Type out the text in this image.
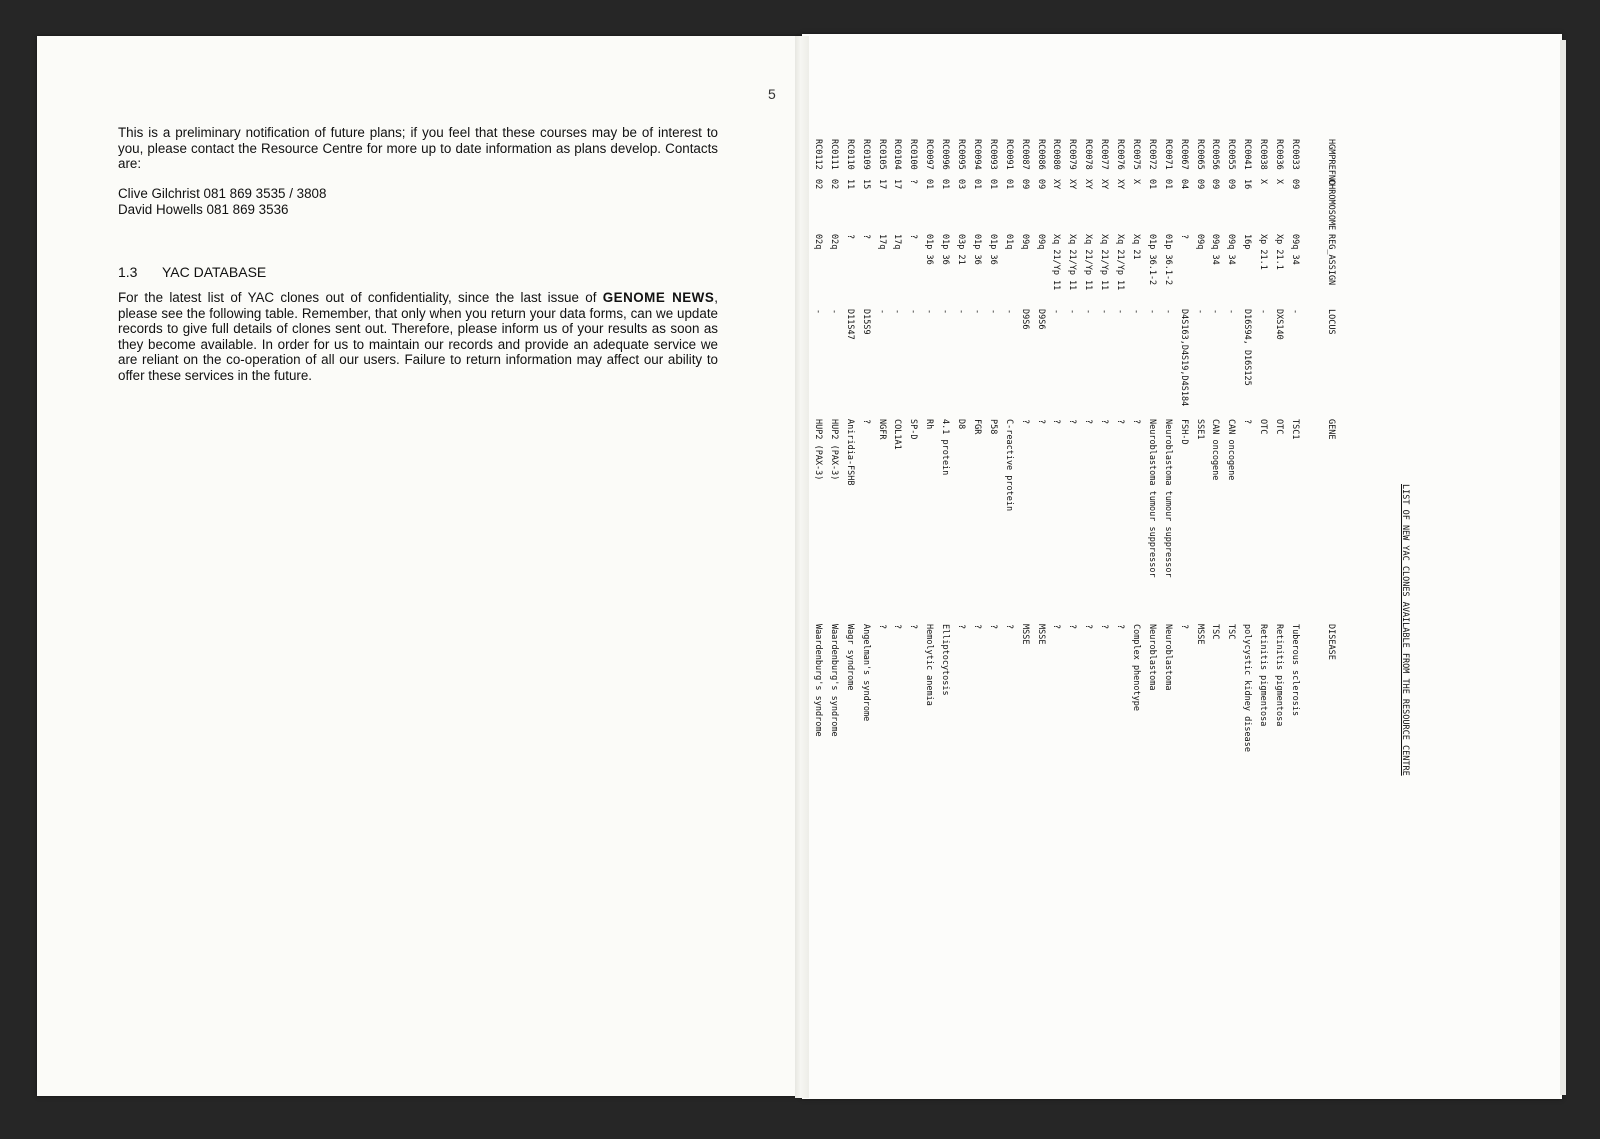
5
This is a preliminary notification of future plans; if you feel that these courses may be of interest to you, please contact the Resource Centre for more up to date information as plans develop. Contacts are:
Clive Gilchrist 081 869 3535 / 3808
David Howells 081 869 3536
1.3 YAC DATABASE
For the latest list of YAC clones out of confidentiality, since the last issue of GENOME NEWS, please see the following table. Remember, that only when you return your data forms, can we update records to give full details of clones sent out. Therefore, please inform us of your results as soon as they become available. In order for us to maintain our records and provide an adequate service we are reliant on the co-operation of all our users. Failure to return information may affect our ability to offer these services in the future.
LIST OF NEW YAC CLONES AVAILABLE FROM THE RESOURCE CENTRE
HGMPREFNO
CHROMOSOME
REG_ASSIGN
LOCUS
GENE
DISEASE
RC0033
09
09q 34
-
TSC1
Tuberous sclerosis
RC0036
X
Xp 21.1
DXS140
OTC
Retinitis pigmentosa
RC0038
X
Xp 21.1
-
OTC
Retinitis pigmentosa
RC0041
16
16p
D16S94, D16S125
?
polycystic kidney disease
RC0055
09
09q 34
-
CAN oncogene
TSC
RC0056
09
09q 34
-
CAN oncogene
TSC
RC0065
09
09q
-
SSE1
MSSE
RC0067
04
?
D4S163,D4S19,D4S184
FSH-D
?
RC0071
01
01p 36.1-2
-
Neuroblastoma tumour suppressor
Neuroblastoma
RC0072
01
01p 36.1-2
-
Neuroblastoma tumour suppressor
Neuroblastoma
RC0075
X
Xq 21
-
?
Complex phenotype
RC0076
XY
Xq 21/Yp 11
-
?
?
RC0077
XY
Xq 21/Yp 11
-
?
?
RC0078
XY
Xq 21/Yp 11
-
?
?
RC0079
XY
Xq 21/Yp 11
-
?
?
RC0080
XY
Xq 21/Yp 11
-
?
?
RC0086
09
09q
D9S6
?
MSSE
RC0087
09
09q
D9S6
?
MSSE
RC0091
01
01q
-
C-reactive protein
?
RC0093
01
01p 36
-
P58
?
RC0094
01
01p 36
-
FGR
?
RC0095
03
03p 21
-
D8
?
RC0096
01
01p 36
-
4.1 protein
Elliptocytosis
RC0097
01
01p 36
-
Rh
Hemolytic anemia
RC0100
?
?
-
SP-D
?
RC0104
17
17q
-
COL1A1
?
RC0105
17
17q
-
NGFR
?
RC0109
15
?
D15S9
?
Angelman's syndrome
RC0110
11
?
D11S47
Aniridia-FSHB
Wagr syndrome
RC0111
02
02q
-
HUP2 (PAX-3)
Waardenburg's syndrome
RC0112
02
02q
-
HUP2 (PAX-3)
Waardenburg's syndrome
